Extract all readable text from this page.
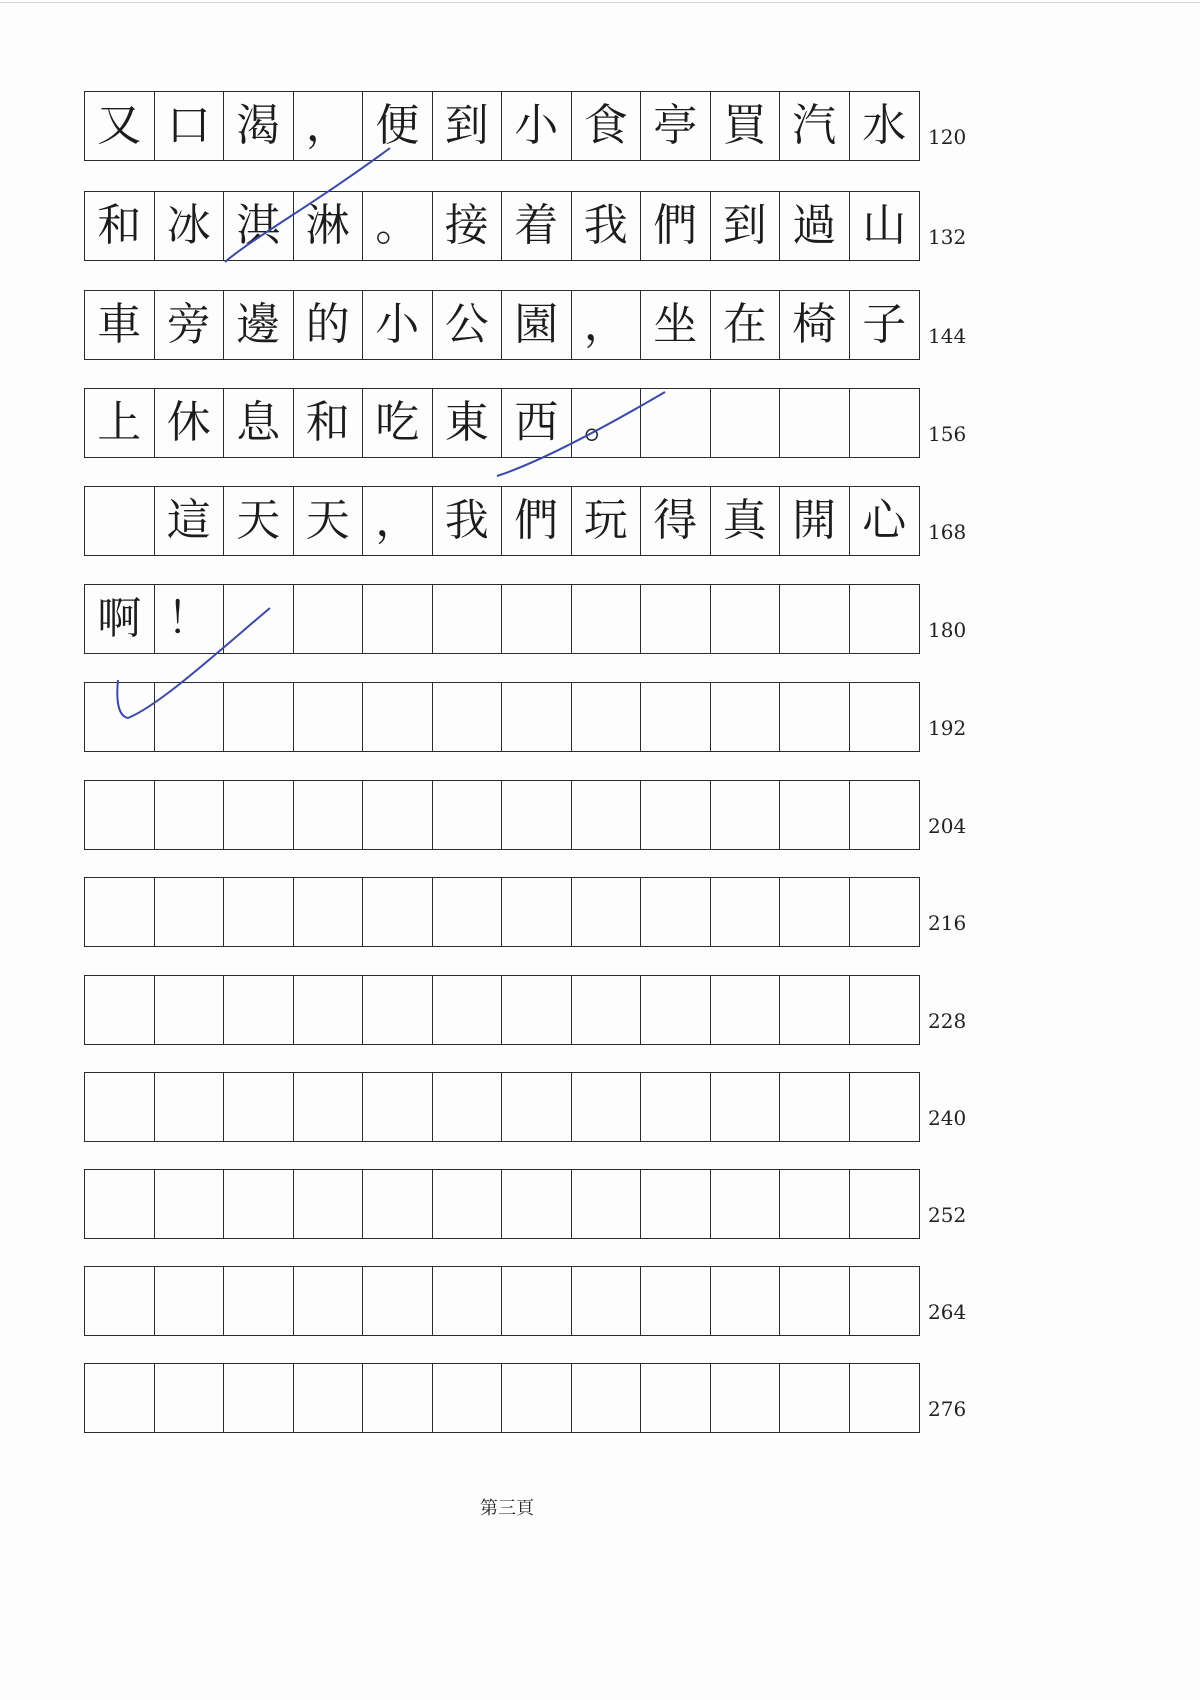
又 口 渴 ， 便 到 小 食 亭 買 汽 水	120
和 冰 淇 淋 。 接 着 我 們 到 過 山	132
車 旁 邊 的 小 公 園 ， 坐 在 椅 子	144
上 休 息 和 吃 東 西 。	156
這 天 天 ， 我 們 玩 得 真 開 心	168
啊 ！	180
192
204
216
228
240
252
264
276
第三頁
